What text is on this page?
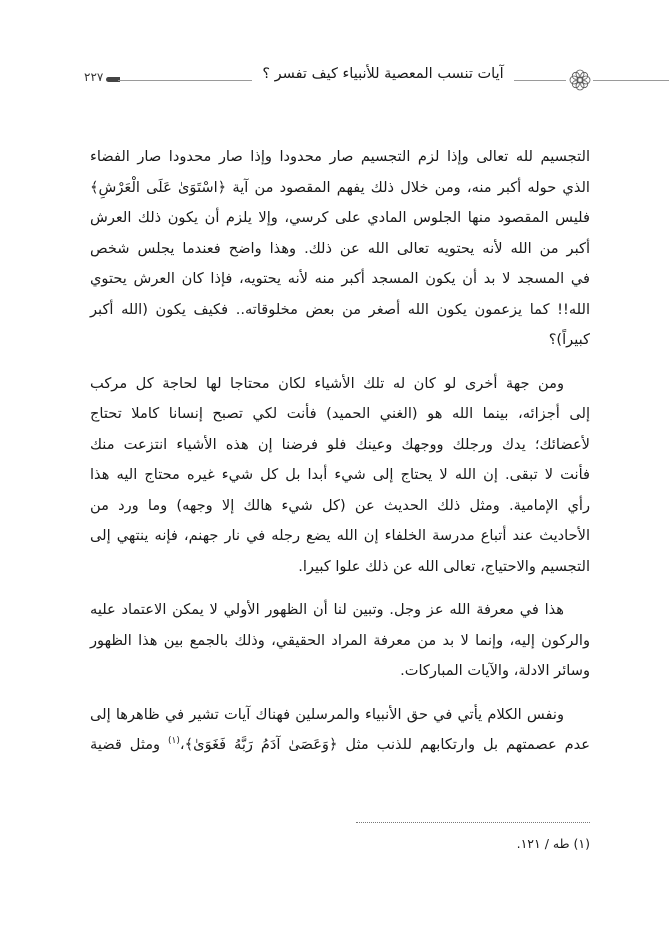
٢٢٧	آيات تنسب المعصية للأنبياء كيف تفسر ؟
التجسيم لله تعالى وإذا لزم التجسيم صار محدودا وإذا صار محدودا صار الفضاء
الذي حوله أكبر منه، ومن خلال ذلك يفهم المقصود من آية ﴿اسْتَوَىٰ عَلَى الْعَرْشِ﴾
فليس المقصود منها الجلوس المادي على كرسي، وإلا يلزم أن يكون ذلك العرش
أكبر من الله لأنه يحتويه تعالى الله عن ذلك. وهذا واضح فعندما يجلس شخص
في المسجد لا بد أن يكون المسجد أكبر منه لأنه يحتويه، فإذا كان العرش يحتوي
الله!! كما يزعمون يكون الله أصغر من بعض مخلوقاته.. فكيف يكون (الله أكبر
كبيراً)؟
ومن جهة أخرى لو كان له تلك الأشياء لكان محتاجا لها لحاجة كل مركب
إلى أجزائه، بينما الله هو (الغني الحميد) فأنت لكي تصبح إنسانا كاملا تحتاج
لأعضائك؛ يدك ورجلك ووجهك وعينك فلو فرضنا إن هذه الأشياء انتزعت منك
فأنت لا تبقى. إن الله لا يحتاج إلى شيء أبدا بل كل شيء غيره محتاج اليه هذا
رأي الإمامية. ومثل ذلك الحديث عن (كل شيء هالك إلا وجهه) وما ورد من
الأحاديث عند أتباع مدرسة الخلفاء إن الله يضع رجله في نار جهنم، فإنه ينتهي إلى
التجسيم والاحتياج، تعالى الله عن ذلك علوا كبيرا.
هذا في معرفة الله عز وجل. وتبين لنا أن الظهور الأولي لا يمكن الاعتماد عليه
والركون إليه، وإنما لا بد من معرفة المراد الحقيقي، وذلك بالجمع بين هذا الظهور
وسائر الادلة، والآيات المباركات.
ونفس الكلام يأتي في حق الأنبياء والمرسلين فهناك آيات تشير في ظاهرها إلى
عدم عصمتهم بل وارتكابهم للذنب مثل ﴿وَعَصَىٰ آدَمُ رَبَّهُ فَغَوَىٰ﴾،$^{(١)}$ ومثل قضية
(١) طه / ١٢١.
